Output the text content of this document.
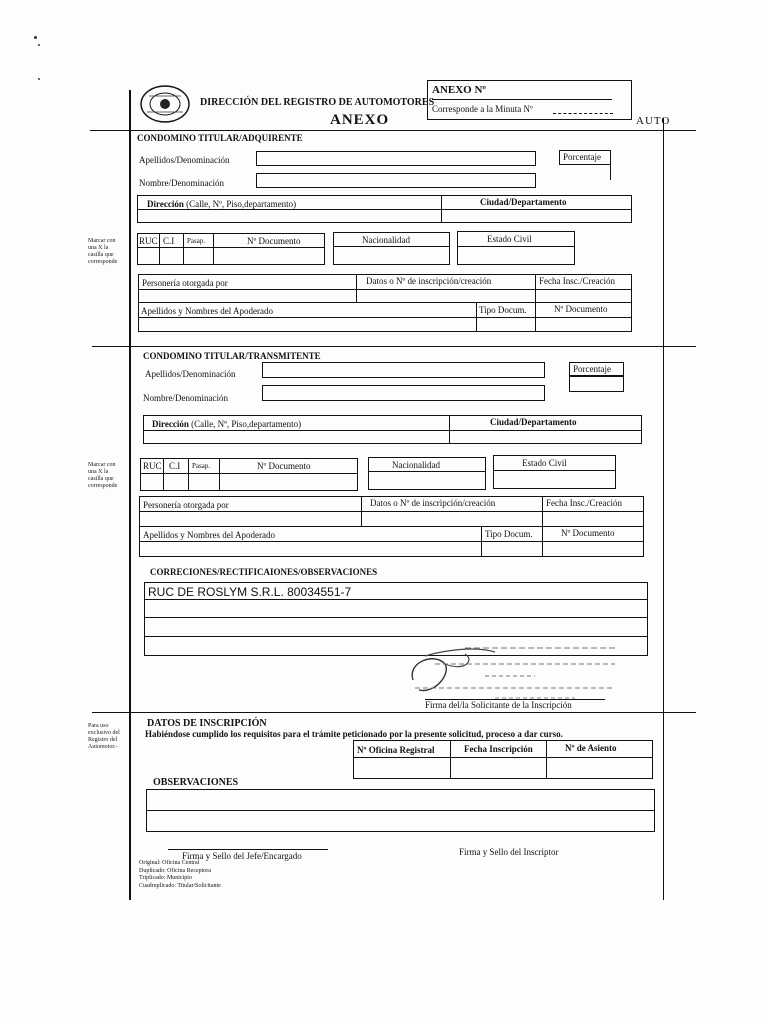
DIRECCIÓN DEL REGISTRO DE AUTOMOTORES
ANEXO
ANEXO Nº
Corresponde a la Minuta Nº
AUTO
CONDOMINO TITULAR/ADQUIRENTE
Apellidos/Denominación
Nombre/Denominación
Porcentaje
Dirección (Calle, Nº, Piso,departamento)	Ciudad/Departamento
Marcar con una X la casilla que corresponde
RUC C.I Pasap.	Nº Documento	Nacionalidad	Estado Civil
Personería otorgada por	Datos o Nº de inscripción/creación	Fecha Insc./Creación
Apellidos y Nombres del Apoderado	Tipo Docum.	Nº Documento
CONDOMINO TITULAR/TRANSMITENTE
Apellidos/Denominación
Nombre/Denominación
Porcentaje
Dirección (Calle, Nº, Piso,departamento)	Ciudad/Departamento
Marcar con una X la casilla que corresponde
RUC C.I Pasap.	Nº Documento	Nacionalidad	Estado Civil
Personería otorgada por	Datos o Nº de inscripción/creación	Fecha Insc./Creación
Apellidos y Nombres del Apoderado	Tipo Docum.	Nº Documento
CORRECIONES/RECTIFICAIONES/OBSERVACIONES
RUC DE ROSLYM S.R.L. 80034551-7
Firma del/la Solicitante de la Inscripción
Para uso exclusivo del Registro del Automotor.-
DATOS DE INSCRIPCIÓN
Habiéndose cumplido los requisitos para el trámite peticionado por la presente solicitud, proceso a dar curso.
Nº Oficina Registral	Fecha Inscripción	Nº de Asiento
OBSERVACIONES
Firma y Sello del Jefe/Encargado	Firma y Sello del Inscriptor
Original: Oficina Central
Duplicado: Oficina Receptora
Triplicado: Municipio
Cuadruplicado: Titular/Solicitante
